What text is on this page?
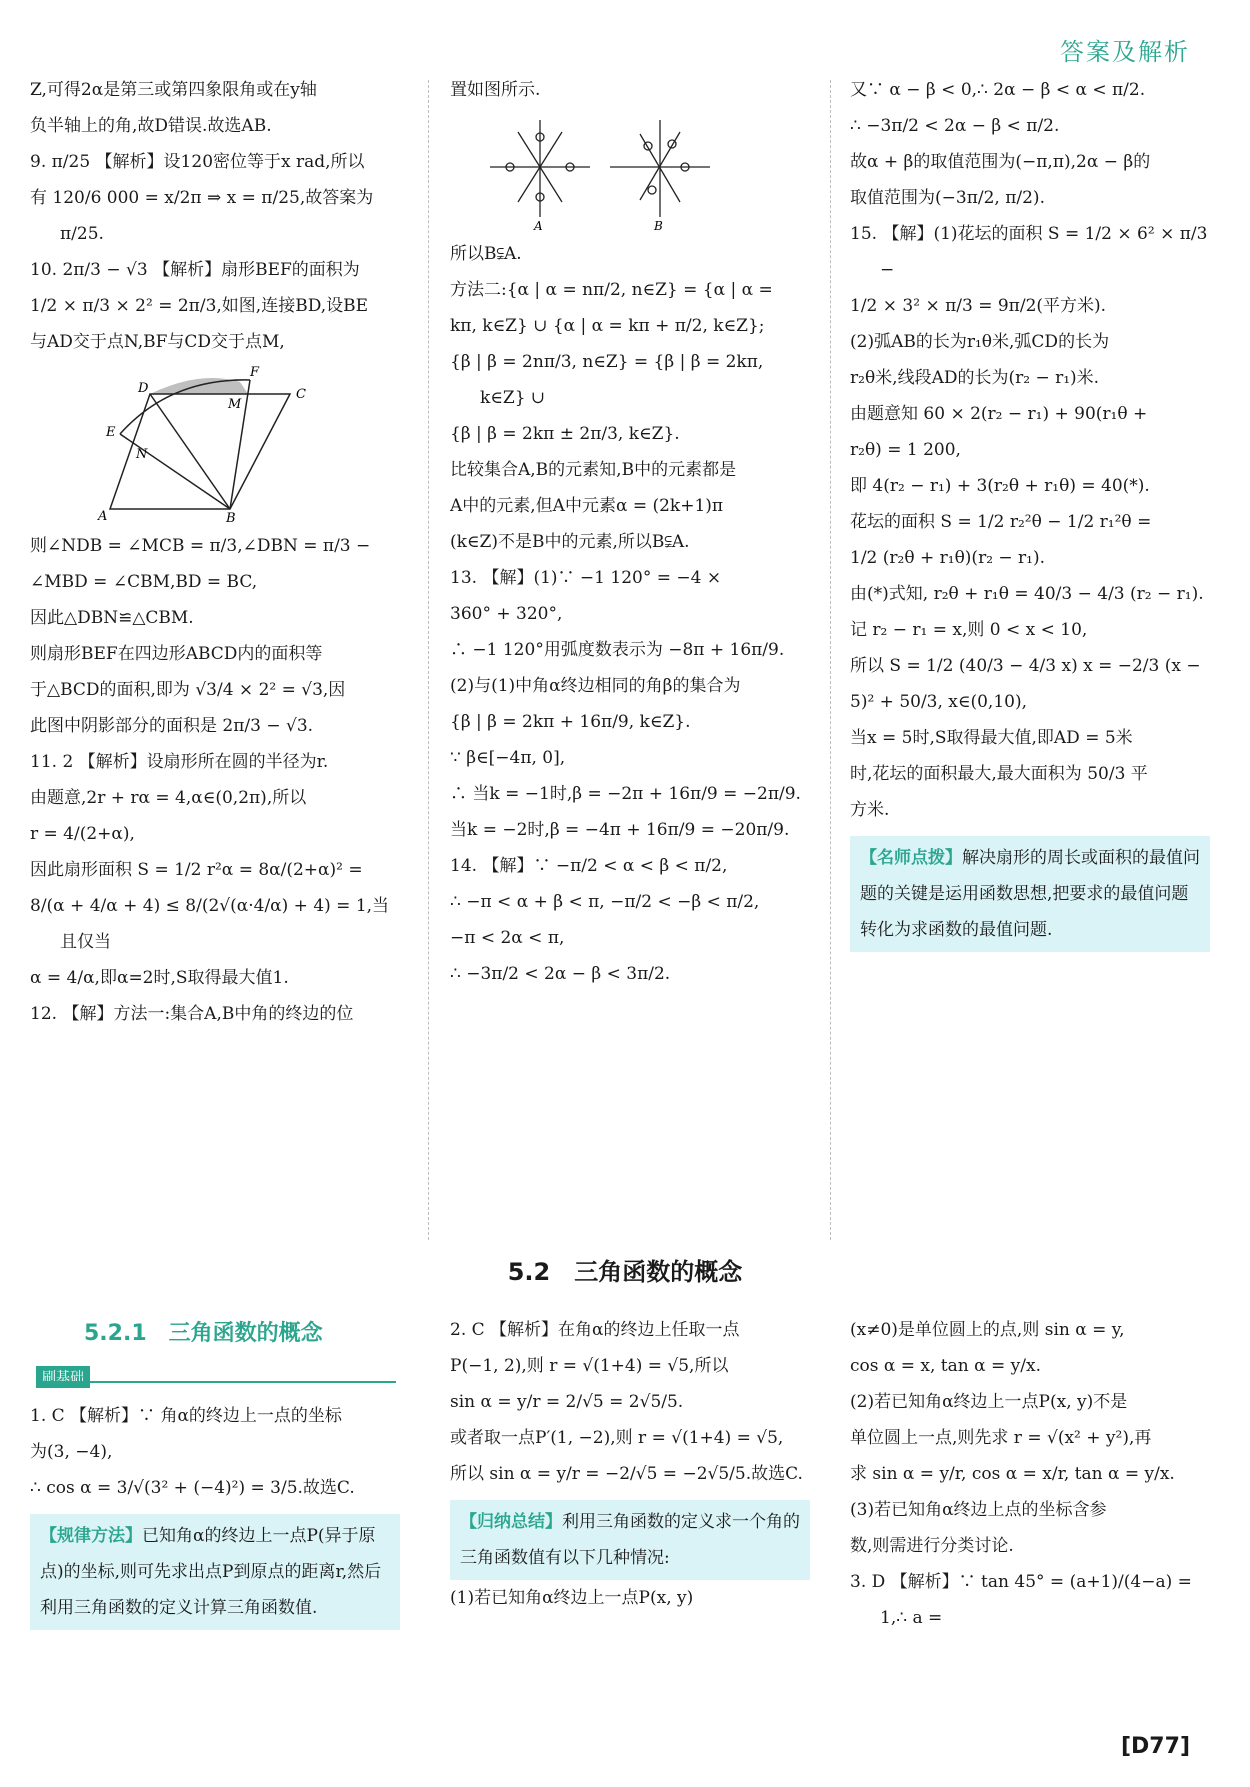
答案及解析
Z,可得2α是第三或第四象限角或在y轴
负半轴上的角,故D错误.故选AB.
9. π/25 【解析】设120密位等于x rad,所以
有 120/6 000 = x/2π ⇒ x = π/25,故答案为 π/25.
10. 2π/3 − √3 【解析】扇形BEF的面积为
1/2 × π/3 × 2² = 2π/3,如图,连接BD,设BE
与AD交于点N,BF与CD交于点M,
D
F
M
C
E
N
A	B
则∠NDB = ∠MCB = π/3,∠DBN = π/3 −
∠MBD = ∠CBM,BD = BC,
因此△DBN≌△CBM.
则扇形BEF在四边形ABCD内的面积等
于△BCD的面积,即为 √3/4 × 2² = √3,因
此图中阴影部分的面积是 2π/3 − √3.
11. 2 【解析】设扇形所在圆的半径为r.
由题意,2r + rα = 4,α∈(0,2π),所以
r = 4/(2+α),
因此扇形面积 S = 1/2 r²α = 8α/(2+α)² =
8/(α + 4/α + 4) ≤ 8/(2√(α·4/α) + 4) = 1,当且仅当
α = 4/α,即α=2时,S取得最大值1.
12. 【解】方法一:集合A,B中角的终边的位
置如图所示.
A	B
所以B⫋A.
方法二:{α | α = nπ/2, n∈Z} = {α | α =
kπ, k∈Z} ∪ {α | α = kπ + π/2, k∈Z};
{β | β = 2nπ/3, n∈Z} = {β | β = 2kπ, k∈Z} ∪
{β | β = 2kπ ± 2π/3, k∈Z}.
比较集合A,B的元素知,B中的元素都是
A中的元素,但A中元素α = (2k+1)π
(k∈Z)不是B中的元素,所以B⫋A.
13. 【解】(1)∵ −1 120° = −4 ×
360° + 320°,
∴ −1 120°用弧度数表示为 −8π + 16π/9.
(2)与(1)中角α终边相同的角β的集合为
{β | β = 2kπ + 16π/9, k∈Z}.
∵ β∈[−4π, 0],
∴ 当k = −1时,β = −2π + 16π/9 = −2π/9.
当k = −2时,β = −4π + 16π/9 = −20π/9.
14. 【解】∵ −π/2 < α < β < π/2,
∴ −π < α + β < π, −π/2 < −β < π/2,
−π < 2α < π,
∴ −3π/2 < 2α − β < 3π/2.
又∵ α − β < 0,∴ 2α − β < α < π/2.
∴ −3π/2 < 2α − β < π/2.
故α + β的取值范围为(−π,π),2α − β的
取值范围为(−3π/2, π/2).
15. 【解】(1)花坛的面积 S = 1/2 × 6² × π/3 −
1/2 × 3² × π/3 = 9π/2(平方米).
(2)弧AB的长为r₁θ米,弧CD的长为
r₂θ米,线段AD的长为(r₂ − r₁)米.
由题意知 60 × 2(r₂ − r₁) + 90(r₁θ +
r₂θ) = 1 200,
即 4(r₂ − r₁) + 3(r₂θ + r₁θ) = 40(*).
花坛的面积 S = 1/2 r₂²θ − 1/2 r₁²θ =
1/2 (r₂θ + r₁θ)(r₂ − r₁).
由(*)式知, r₂θ + r₁θ = 40/3 − 4/3 (r₂ − r₁).
记 r₂ − r₁ = x,则 0 < x < 10,
所以 S = 1/2 (40/3 − 4/3 x) x = −2/3 (x −
5)² + 50/3, x∈(0,10),
当x = 5时,S取得最大值,即AD = 5米
时,花坛的面积最大,最大面积为 50/3 平
方米.
【名师点拨】解决扇形的周长或面积的最值问题的关键是运用函数思想,把要求的最值问题转化为求函数的最值问题.
5.2　三角函数的概念
5.2.1　三角函数的概念
刷基础
1. C 【解析】∵ 角α的终边上一点的坐标
为(3, −4),
∴ cos α = 3/√(3² + (−4)²) = 3/5.故选C.
【规律方法】已知角α的终边上一点P(异于原点)的坐标,则可先求出点P到原点的距离r,然后利用三角函数的定义计算三角函数值.
2. C 【解析】在角α的终边上任取一点
P(−1, 2),则 r = √(1+4) = √5,所以
sin α = y/r = 2/√5 = 2√5/5.
或者取一点P′(1, −2),则 r = √(1+4) = √5,
所以 sin α = y/r = −2/√5 = −2√5/5.故选C.
【归纳总结】利用三角函数的定义求一个角的三角函数值有以下几种情况:
(1)若已知角α终边上一点P(x, y)
(x≠0)是单位圆上的点,则 sin α = y,
cos α = x, tan α = y/x.
(2)若已知角α终边上一点P(x, y)不是
单位圆上一点,则先求 r = √(x² + y²),再
求 sin α = y/r, cos α = x/r, tan α = y/x.
(3)若已知角α终边上点的坐标含参
数,则需进行分类讨论.
3. D 【解析】∵ tan 45° = (a+1)/(4−a) = 1,∴ a =
[D77]
